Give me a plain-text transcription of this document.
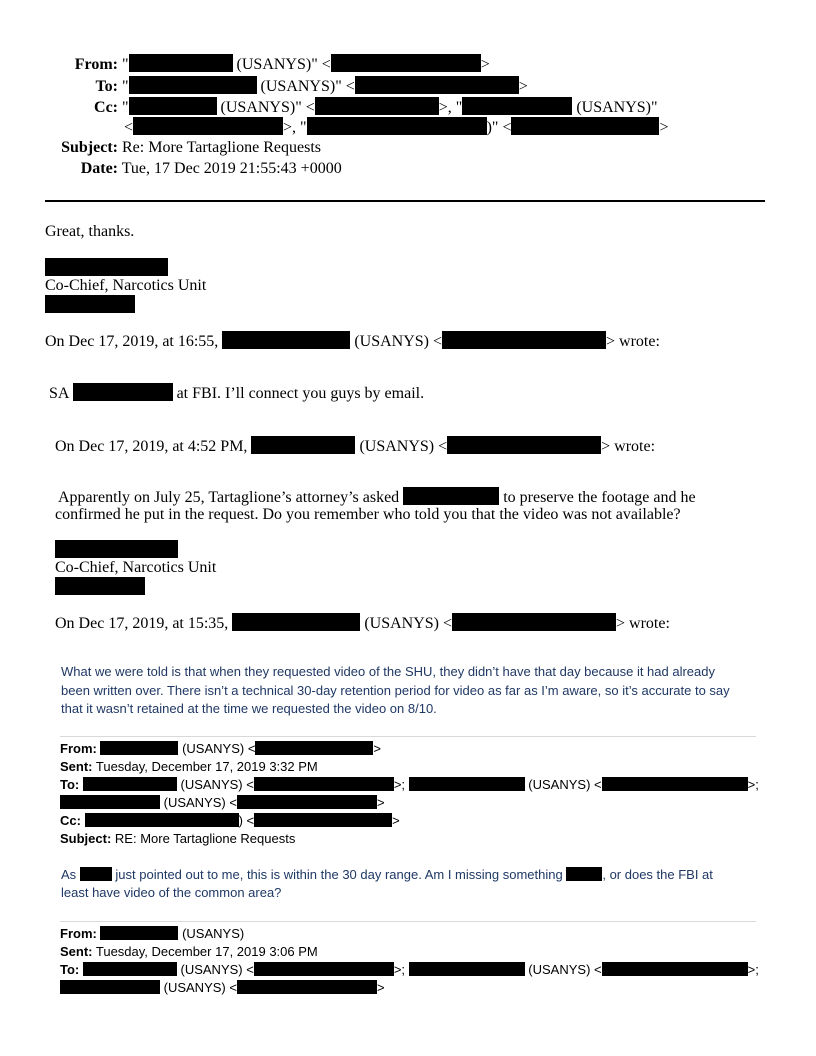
From: "	(USANYS)" <	>
To: "	(USANYS)" <	>
Cc: "	(USANYS)" <	>, "	(USANYS)"
<	>, "	)" <	>
Subject: Re: More Tartaglione Requests
Date: Tue, 17 Dec 2019 21:55:43 +0000
Great, thanks.
Co-Chief, Narcotics Unit
On Dec 17, 2019, at 16:55,	(USANYS) <	> wrote:
SA	at FBI. I’ll connect you guys by email.
On Dec 17, 2019, at 4:52 PM,	(USANYS) <	> wrote:
Apparently on July 25, Tartaglione’s attorney’s asked	to preserve the footage and he
confirmed he put in the request. Do you remember who told you that the video was not available?
Co-Chief, Narcotics Unit
On Dec 17, 2019, at 15:35,	(USANYS) <	> wrote:
What we were told is that when they requested video of the SHU, they didn’t have that day because it had already
been written over. There isn’t a technical 30-day retention period for video as far as I’m aware, so it’s accurate to say
that it wasn’t retained at the time we requested the video on 8/10.
From:	(USANYS) <	>
Sent: Tuesday, December 17, 2019 3:32 PM
To:	(USANYS) <	>;	(USANYS) <	>;
(USANYS) <	>
Cc:	) <	>
Subject: RE: More Tartaglione Requests
As	just pointed out to me, this is within the 30 day range. Am I missing something	, or does the FBI at
least have video of the common area?
From:	(USANYS)
Sent: Tuesday, December 17, 2019 3:06 PM
To:	(USANYS) <	>;	(USANYS) <	>;
(USANYS) <	>
